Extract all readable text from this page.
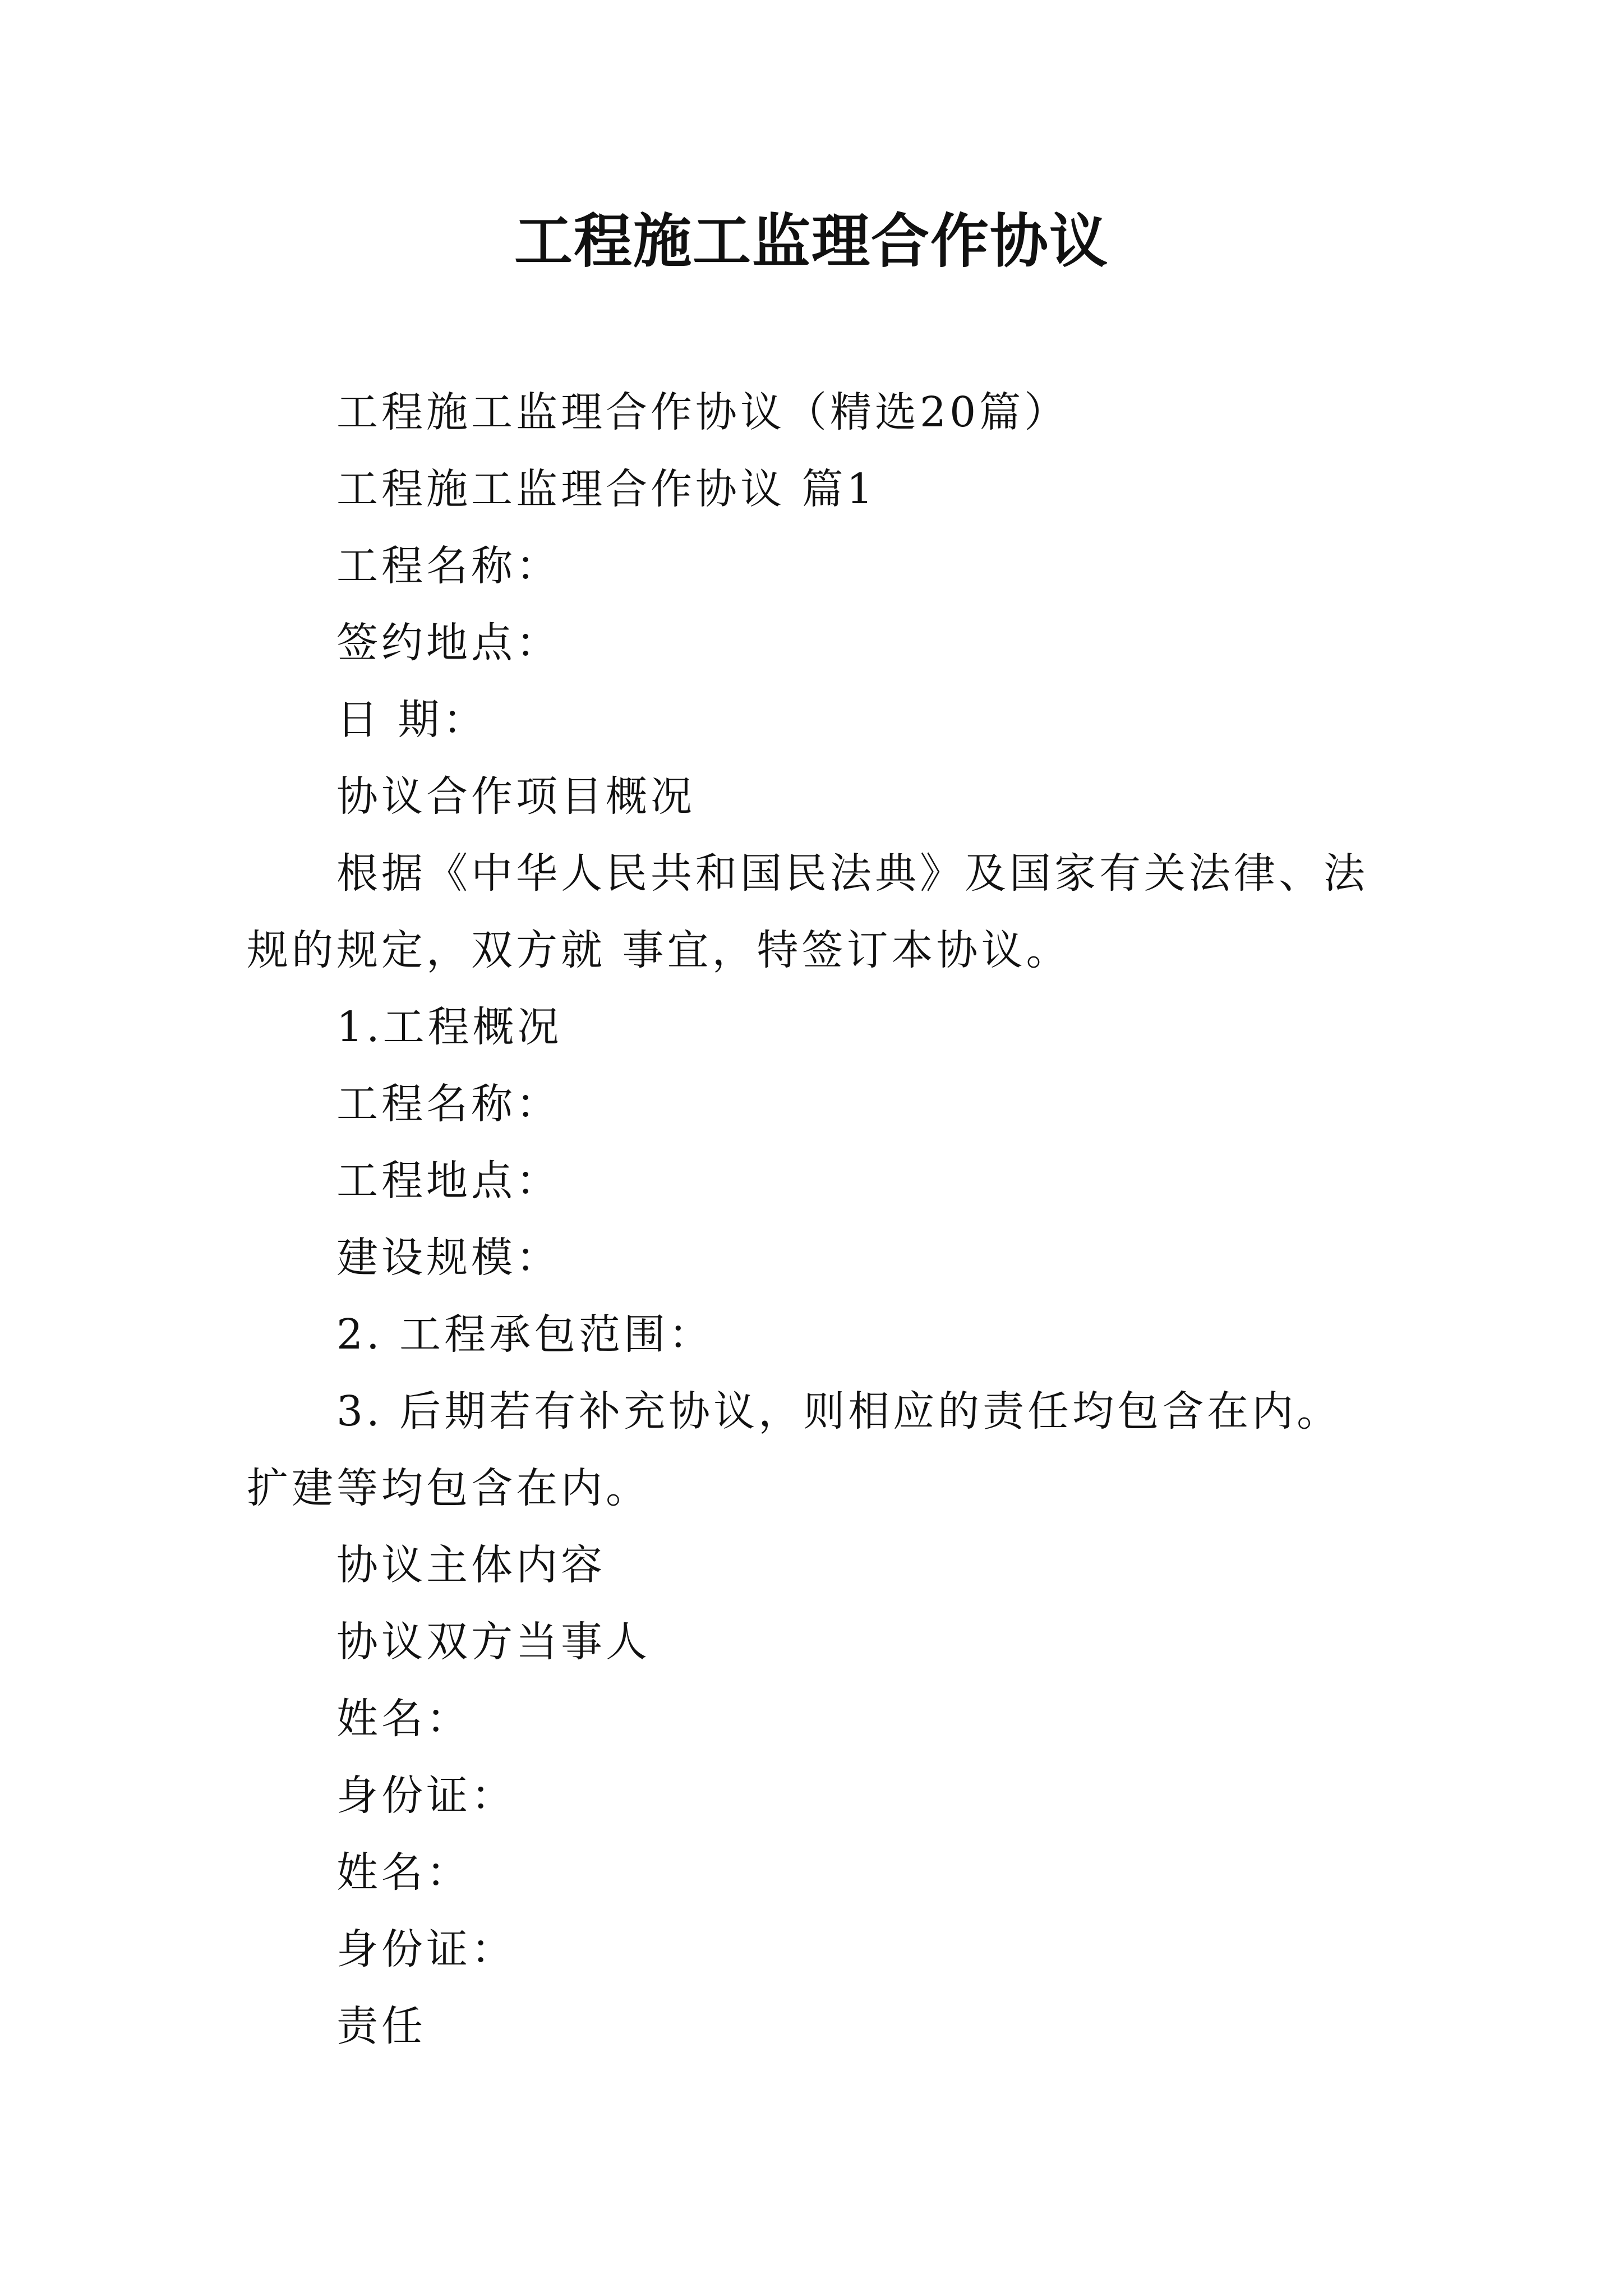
工程施工监理合作协议

工程施工监理合作协议（精选20篇）

工程施工监理合作协议 篇1

工程名称：

签约地点：

日 期：

协议合作项目概况

根据《中华人民共和国民法典》及国家有关法律、法规的规定，双方就 事宜，特签订本协议。

1.工程概况

工程名称：

工程地点：

建设规模：

2. 工程承包范围：

3. 后期若有补充协议，则相应的责任均包含在内。扩建等均包含在内。

协议主体内容

协议双方当事人

姓名：

身份证：

姓名：

身份证：

责任
